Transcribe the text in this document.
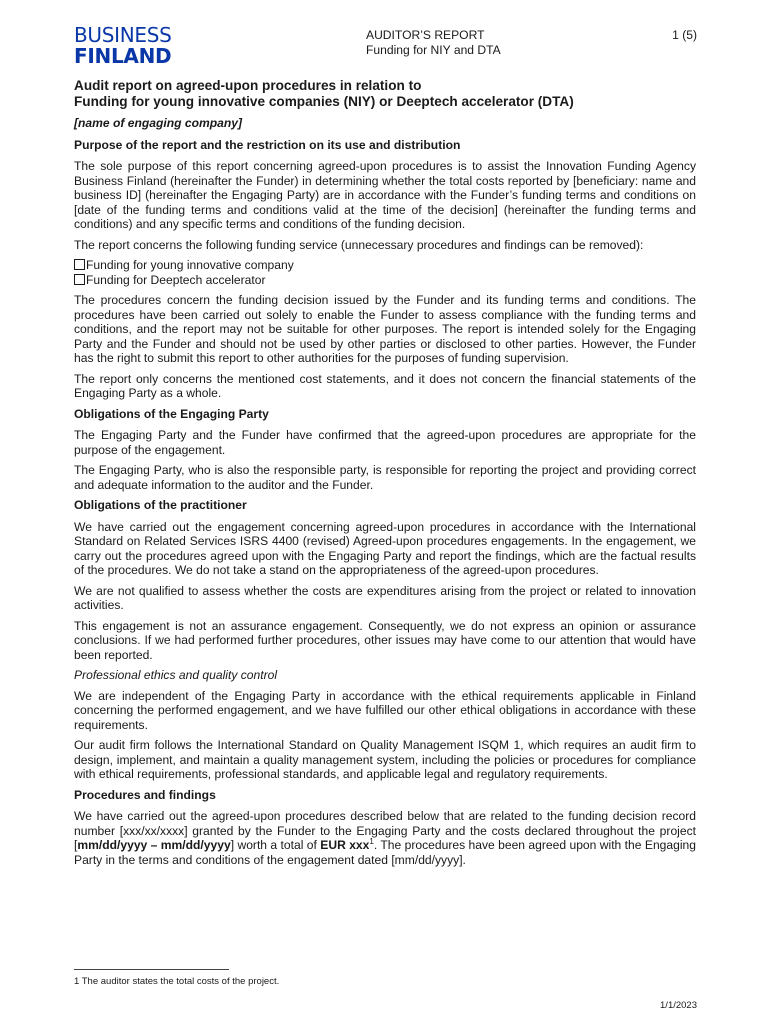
BUSINESS
FINLAND
AUDITOR’S REPORT
Funding for NIY and DTA
1 (5)
Audit report on agreed-upon procedures in relation to
Funding for young innovative companies (NIY) or Deeptech accelerator (DTA)
[name of engaging company]
Purpose of the report and the restriction on its use and distribution

The sole purpose of this report concerning agreed-upon procedures is to assist the Innovation Funding Agency Business Finland (hereinafter the Funder) in determining whether the total costs reported by [beneficiary: name and business ID] (hereinafter the Engaging Party) are in accordance with the Funder’s funding terms and conditions on [date of the funding terms and conditions valid at the time of the decision] (hereinafter the funding terms and conditions) and any specific terms and conditions of the funding decision.

The report concerns the following funding service (unnecessary procedures and findings can be removed):

Funding for young innovative company
Funding for Deeptech accelerator

The procedures concern the funding decision issued by the Funder and its funding terms and conditions. The procedures have been carried out solely to enable the Funder to assess compliance with the funding terms and conditions, and the report may not be suitable for other purposes. The report is intended solely for the Engaging Party and the Funder and should not be used by other parties or disclosed to other parties. However, the Funder has the right to submit this report to other authorities for the purposes of funding supervision.

The report only concerns the mentioned cost statements, and it does not concern the financial statements of the Engaging Party as a whole.

Obligations of the Engaging Party

The Engaging Party and the Funder have confirmed that the agreed-upon procedures are appropriate for the purpose of the engagement.

The Engaging Party, who is also the responsible party, is responsible for reporting the project and providing correct and adequate information to the auditor and the Funder.

Obligations of the practitioner

We have carried out the engagement concerning agreed-upon procedures in accordance with the International Standard on Related Services ISRS 4400 (revised) Agreed-upon procedures engagements. In the engagement, we carry out the procedures agreed upon with the Engaging Party and report the findings, which are the factual results of the procedures. We do not take a stand on the appropriateness of the agreed-upon procedures.

We are not qualified to assess whether the costs are expenditures arising from the project or related to innovation activities.

This engagement is not an assurance engagement. Consequently, we do not express an opinion or assurance conclusions. If we had performed further procedures, other issues may have come to our attention that would have been reported.

Professional ethics and quality control

We are independent of the Engaging Party in accordance with the ethical requirements applicable in Finland concerning the performed engagement, and we have fulfilled our other ethical obligations in accordance with these requirements.

Our audit firm follows the International Standard on Quality Management ISQM 1, which requires an audit firm to design, implement, and maintain a quality management system, including the policies or procedures for compliance with ethical requirements, professional standards, and applicable legal and regulatory requirements.

Procedures and findings

We have carried out the agreed-upon procedures described below that are related to the funding decision record number [xxx/xx/xxxx] granted by the Funder to the Engaging Party and the costs declared throughout the project [mm/dd/yyyy – mm/dd/yyyy] worth a total of EUR xxx$^1$. The procedures have been agreed upon with the Engaging Party in the terms and conditions of the engagement dated [mm/dd/yyyy].

1 The auditor states the total costs of the project.
1/1/2023
